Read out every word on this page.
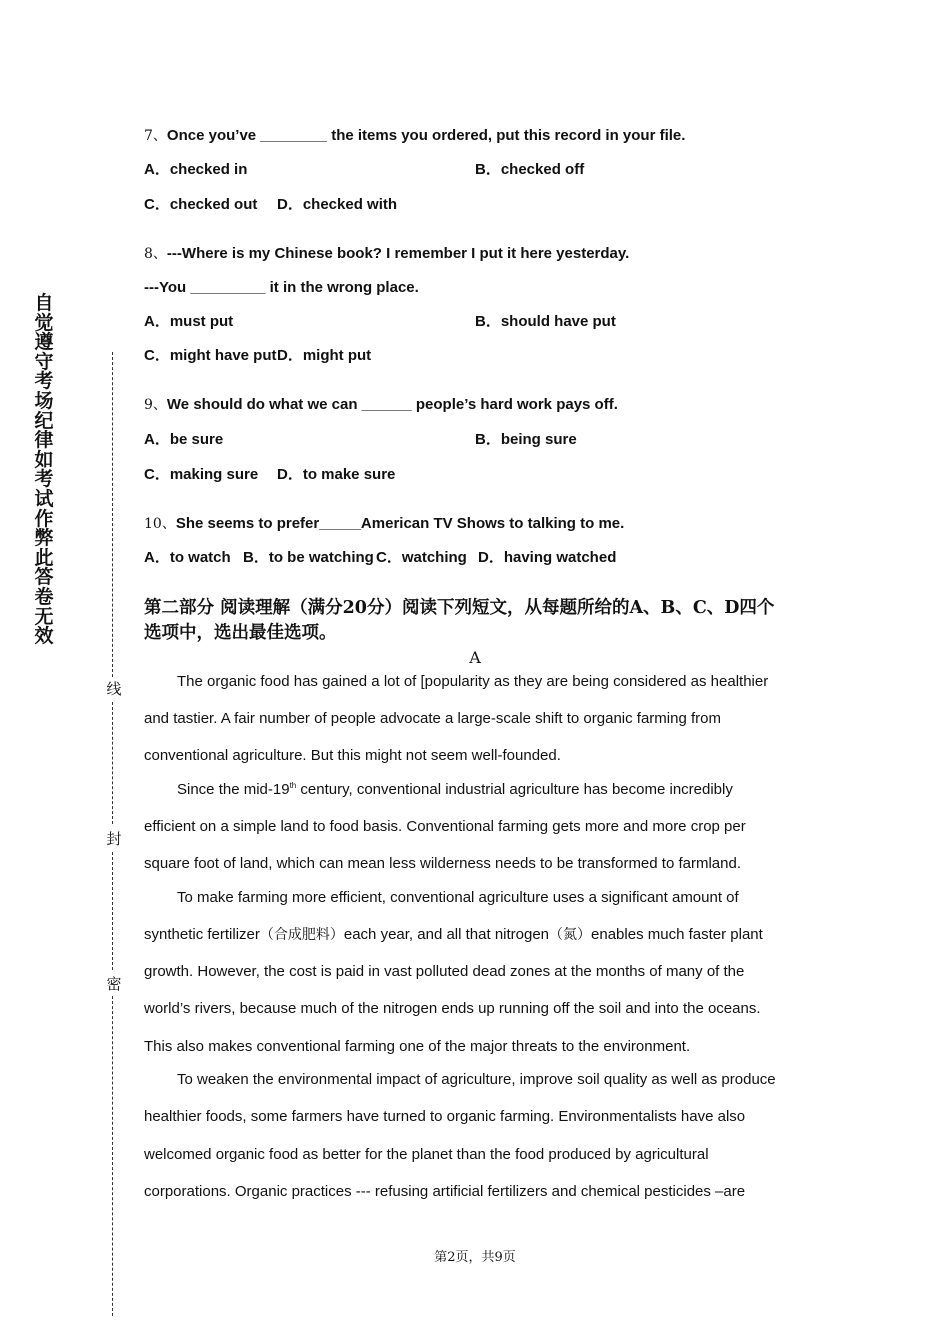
自
觉
遵
守
考
场
纪
律
如
考
试
作
弊
此
答
卷
无
效
线
封
密
7、Once you’ve ________ the items you ordered, put this record in your file.
A．checked in	B．checked off
C．checked out D．checked with
8、---Where is my Chinese book? I remember I put it here yesterday.
---You _________ it in the wrong place.
A．must put	B．should have put
C．might have put D．might put
9、We should do what we can ______ people’s hard work pays off.
A．be sure	B．being sure
C．making sure D．to make sure
10、She seems to prefer_____American TV Shows to talking to me.
A．to watch B．to be watching C．watching D．having watched
第二部分 阅读理解（满分20分）阅读下列短文，从每题所给的A、B、C、D四个
选项中，选出最佳选项。
A
The organic food has gained a lot of [popularity as they are being considered as healthier
and tastier. A fair number of people advocate a large-scale shift to organic farming from
conventional agriculture. But this might not seem well-founded.
Since the mid-19th century, conventional industrial agriculture has become incredibly
efficient on a simple land to food basis. Conventional farming gets more and more crop per
square foot of land, which can mean less wilderness needs to be transformed to farmland.
To make farming more efficient, conventional agriculture uses a significant amount of
synthetic fertilizer（合成肥料）each year, and all that nitrogen（氮）enables much faster plant
growth. However, the cost is paid in vast polluted dead zones at the months of many of the
world’s rivers, because much of the nitrogen ends up running off the soil and into the oceans.
This also makes conventional farming one of the major threats to the environment.
To weaken the environmental impact of agriculture, improve soil quality as well as produce
healthier foods, some farmers have turned to organic farming. Environmentalists have also
welcomed organic food as better for the planet than the food produced by agricultural
corporations. Organic practices --- refusing artificial fertilizers and chemical pesticides –are
第2页，共9页
